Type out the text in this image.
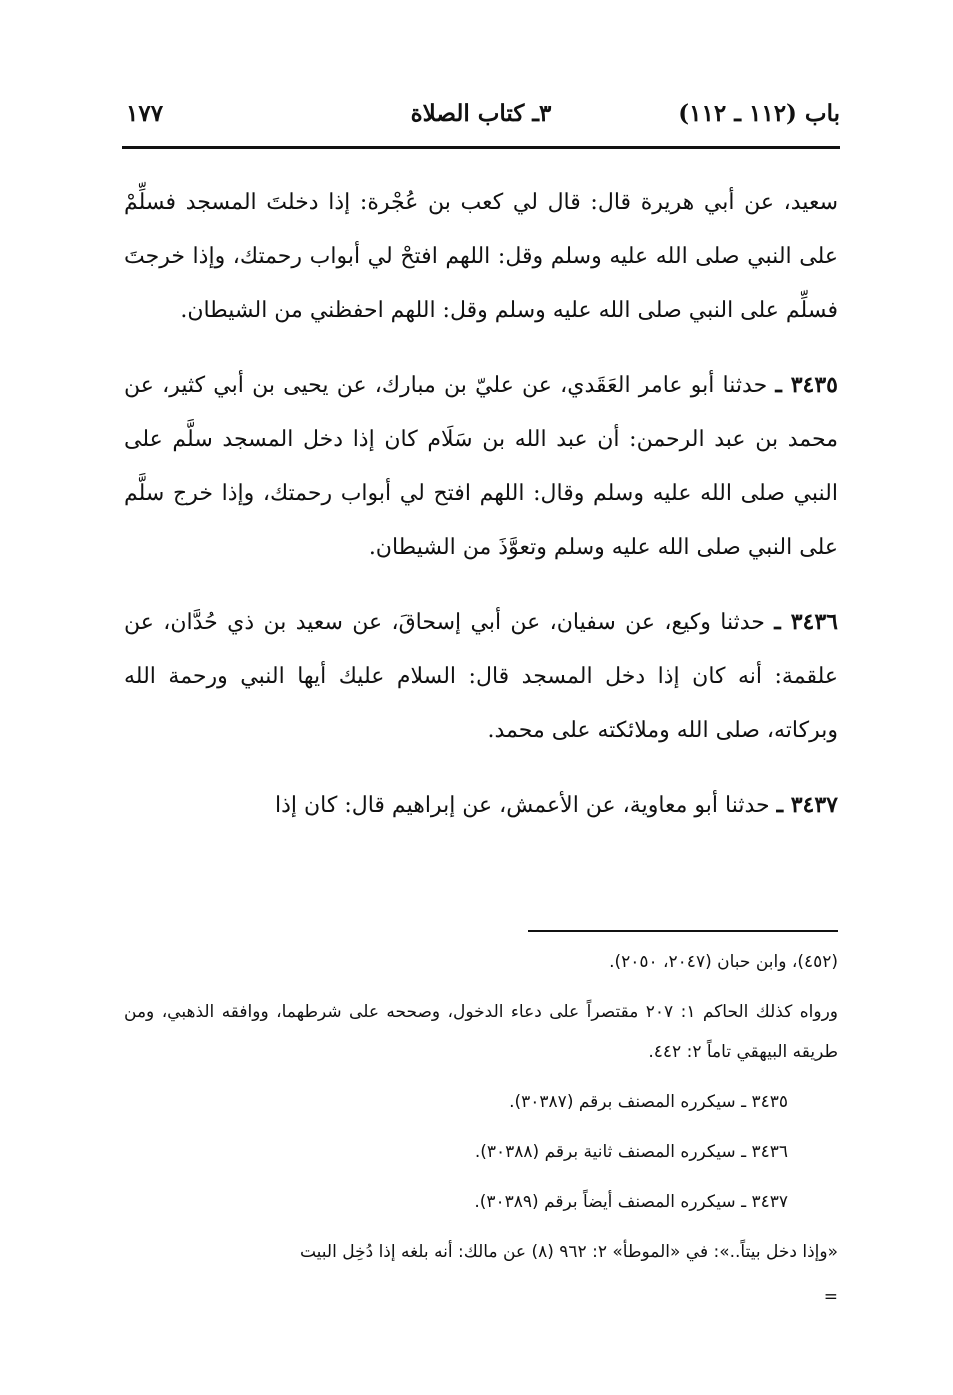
باب (١١٢ ـ ١١٢)
٣ـ كتاب الصلاة
١٧٧

سعيد، عن أبي هريرة قال: قال لي كعب بن عُجْرة: إذا دخلتَ المسجد فسلِّمْ على النبي صلى الله عليه وسلم وقل: اللهم افتحْ لي أبواب رحمتك، وإذا خرجتَ فسلِّم على النبي صلى الله عليه وسلم وقل: اللهم احفظني من الشيطان.

٣٤٣٥ ـ حدثنا أبو عامر العَقَدي، عن عليّ بن مبارك، عن يحيى بن أبي كثير، عن محمد بن عبد الرحمن: أن عبد الله بن سَلَام كان إذا دخل المسجد سلَّم على النبي صلى الله عليه وسلم وقال: اللهم افتح لي أبواب رحمتك، وإذا خرج سلَّم على النبي صلى الله عليه وسلم وتعوَّذَ من الشيطان.

٣٤٣٦ ـ حدثنا وكيع، عن سفيان، عن أبي إسحاقَ، عن سعيد بن ذي حُدَّان، عن علقمة: أنه كان إذا دخل المسجد قال: السلام عليك أيها النبي ورحمة الله وبركاته، صلى الله وملائكته على محمد.

٣٤٣٧ ـ حدثنا أبو معاوية، عن الأعمش، عن إبراهيم قال: كان إذا

(٤٥٢)، وابن حبان (٢٠٤٧، ٢٠٥٠).

ورواه كذلك الحاكم ١: ٢٠٧ مقتصراً على دعاء الدخول، وصححه على شرطهما، ووافقه الذهبي، ومن طريقه البيهقي تاماً ٢: ٤٤٢.

٣٤٣٥ ـ سيكرره المصنف برقم (٣٠٣٨٧).

٣٤٣٦ ـ سيكرره المصنف ثانية برقم (٣٠٣٨٨).

٣٤٣٧ ـ سيكرره المصنف أيضاً برقم (٣٠٣٨٩).

«وإذا دخل بيتاً..»: في «الموطأ» ٢: ٩٦٢ (٨) عن مالك: أنه بلغه إذا دُخِل البيت

=
